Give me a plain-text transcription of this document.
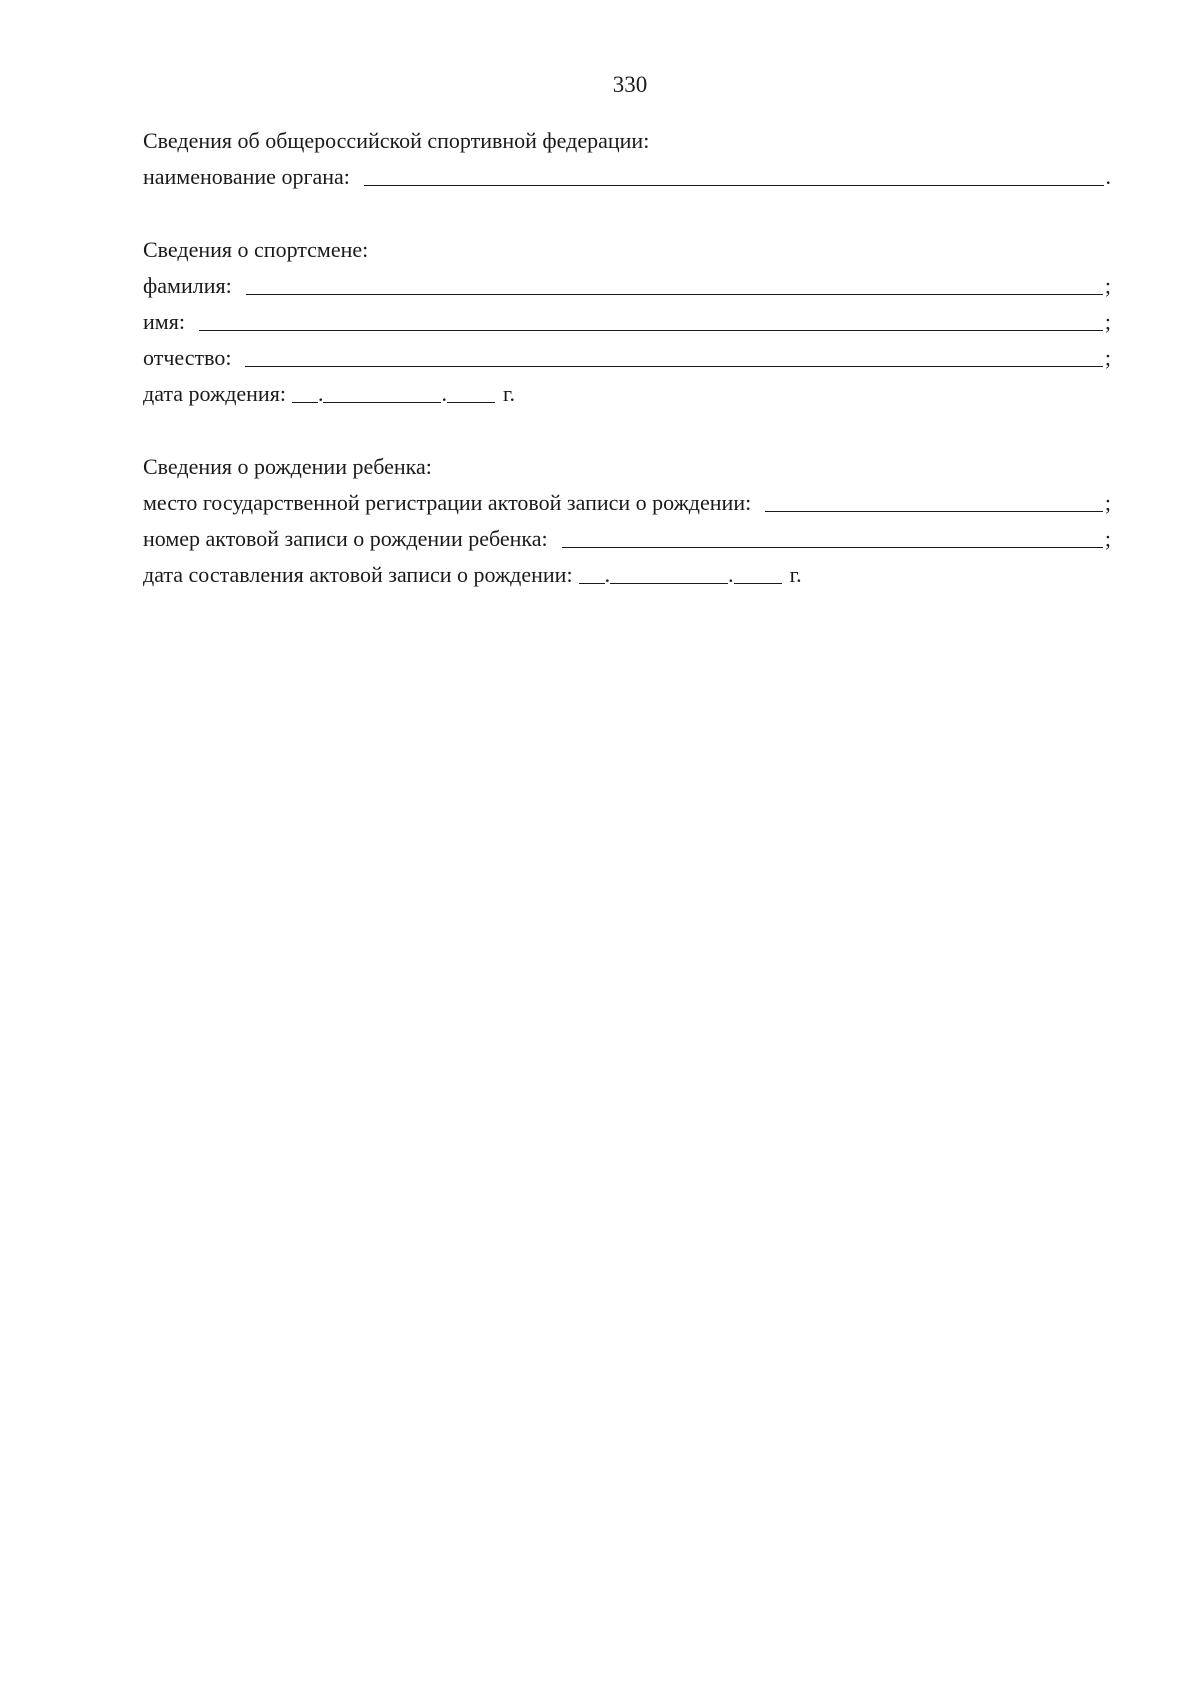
330
Сведения об общероссийской спортивной федерации:
наименование органа:	.
Сведения о спортсмене:
фамилия:	;
имя:	;
отчество:	;
дата рождения: .	.	г.
Сведения о рождении ребенка:
место государственной регистрации актовой записи о рождении:	;
номер актовой записи о рождении ребенка:	;
дата составления актовой записи о рождении: .	.	г.
